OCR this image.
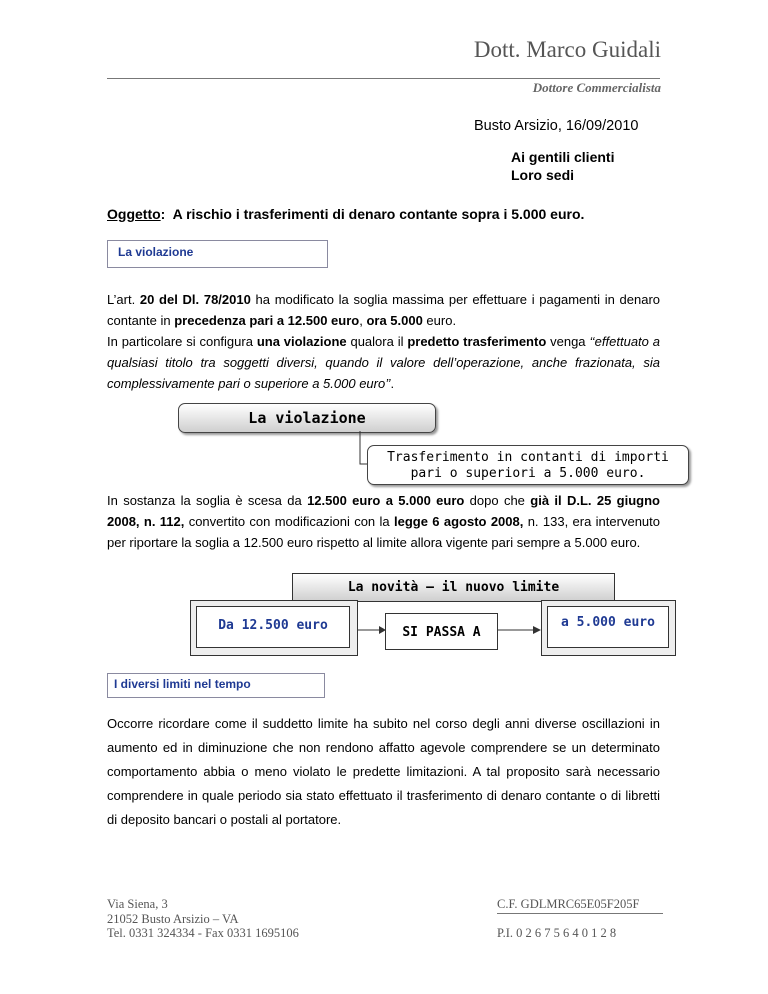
Dott. Marco Guidali
Dottore Commercialista
Busto Arsizio, 16/09/2010
Ai gentili clienti
Loro sedi
Oggetto: A rischio i trasferimenti di denaro contante sopra i 5.000 euro.
La violazione
L’art. 20 del Dl. 78/2010 ha modificato la soglia massima per effettuare i pagamenti in denaro contante in precedenza pari a 12.500 euro, ora 5.000 euro.
In particolare si configura una violazione qualora il predetto trasferimento venga ‘‘effettuato a qualsiasi titolo tra soggetti diversi, quando il valore dell’operazione, anche frazionata, sia complessivamente pari o superiore a 5.000 euro’’.
La violazione
Trasferimento in contanti di importi pari o superiori a 5.000 euro.
In sostanza la soglia è scesa da 12.500 euro a 5.000 euro dopo che già il D.L. 25 giugno 2008, n. 112, convertito con modificazioni con la legge 6 agosto 2008, n. 133, era intervenuto per riportare la soglia a 12.500 euro rispetto al limite allora vigente pari sempre a 5.000 euro.
La novità – il nuovo limite
Da 12.500 euro	SI PASSA A
a 5.000 euro
I diversi limiti nel tempo
Occorre ricordare come il suddetto limite ha subito nel corso degli anni diverse oscillazioni in aumento ed in diminuzione che non rendono affatto agevole comprendere se un determinato comportamento abbia o meno violato le predette limitazioni. A tal proposito sarà necessario comprendere in quale periodo sia stato effettuato il trasferimento di denaro contante o di libretti di deposito bancari o postali al portatore.
Via Siena, 3
21052 Busto Arsizio – VA
Tel. 0331 324334 - Fax 0331 1695106
C.F. GDLMRC65E05F205F
P.I. 0 2 6 7 5 6 4 0 1 2 8
